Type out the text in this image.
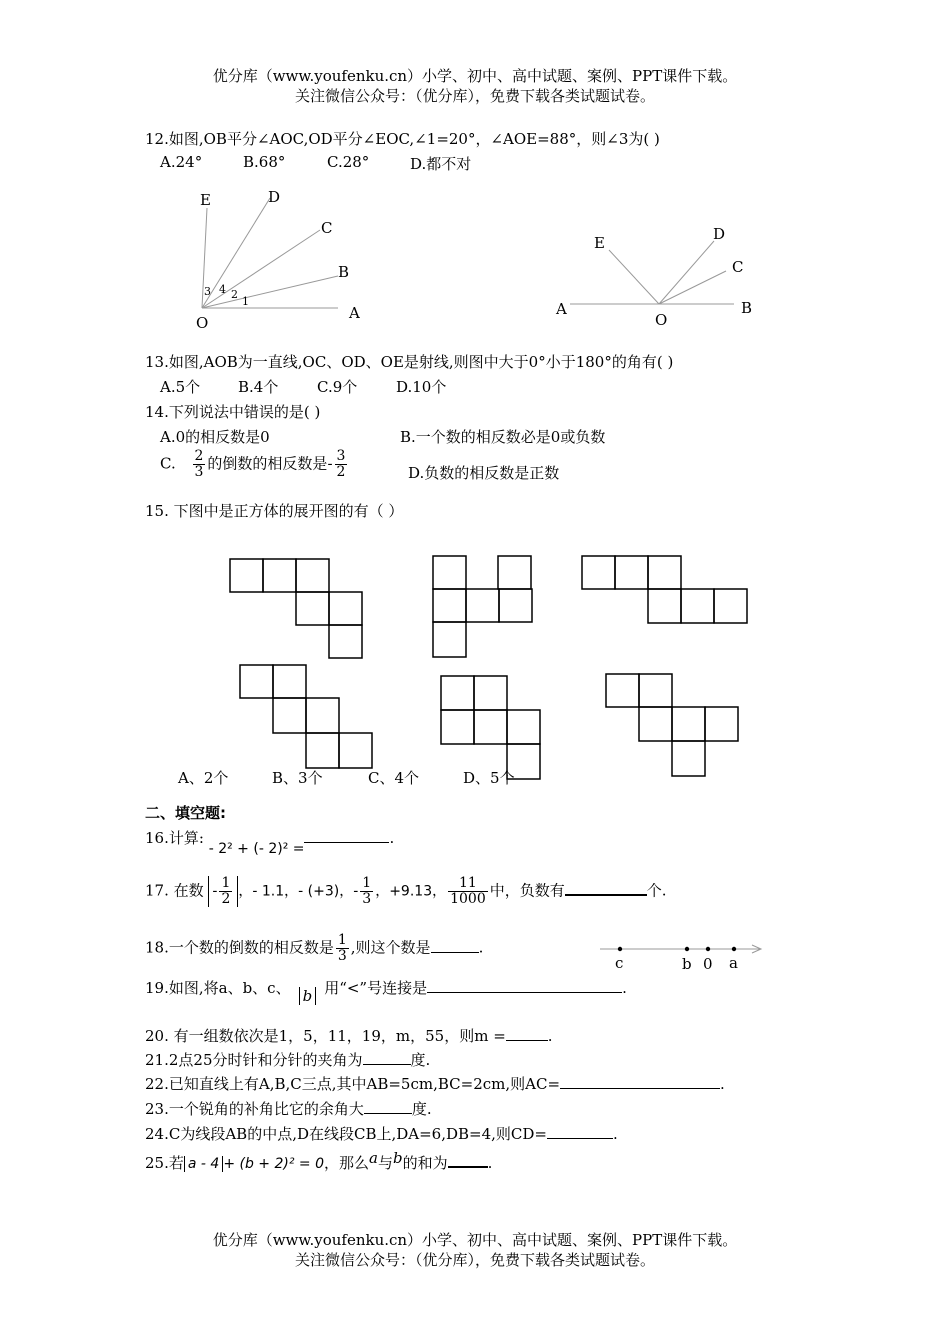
优分库（www.youfenku.cn）小学、初中、高中试题、案例、PPT课件下载。
关注微信公众号：（优分库），免费下载各类试题试卷。
12.如图,OB平分∠AOC,OD平分∠EOC,∠1=20°，∠AOE=88°，则∠3为( )
A.24°	B.68°	C.28°	D.都不对
E	D
C
B
A
O
3 4 2
1
E	D
C
A
O
B
13.如图,AOB为一直线,OC、OD、OE是射线,则图中大于0°小于180°的角有( )
A.5个	B.4个	C.9个	D.10个
14.下列说法中错误的是( )
A.0的相反数是0	B.一个数的相反数必是0或负数
C. $\frac{2}{3}$ 的倒数的相反数是- $\frac{3}{2}$	D.负数的相反数是正数
15. 下图中是正方体的展开图的有（ ）
A、2个	B、3个	C、4个	D、5个
二、填空题:
16.计算: - 2² + (- 2)² =.
17. 在数 - $\frac{1}{2}$ ，- 1.1，- (+3)，- $\frac{1}{3}$ ，+9.13， $\frac{11}{1000}$ 中，负数有	个.
18.一个数的倒数的相反数是 $\frac{1}{3}$ ,则这个数是	.
c	b 0 a
19.如图,将a、b、c、 b 用“<”号连接是	.
20. 有一组数依次是1，5，11，19，m，55，则m =	.
21.2点25分时针和分针的夹角为	度.
22.已知直线上有A,B,C三点,其中AB=5cm,BC=2cm,则AC=	.
23.一个锐角的补角比它的余角大	度.
24.C为线段AB的中点,D在线段CB上,DA=6,DB=4,则CD=	.
25.若 a - 4 + (b + 2)² = 0，那么a与b的和为	.
优分库（www.youfenku.cn）小学、初中、高中试题、案例、PPT课件下载。
关注微信公众号：（优分库），免费下载各类试题试卷。
